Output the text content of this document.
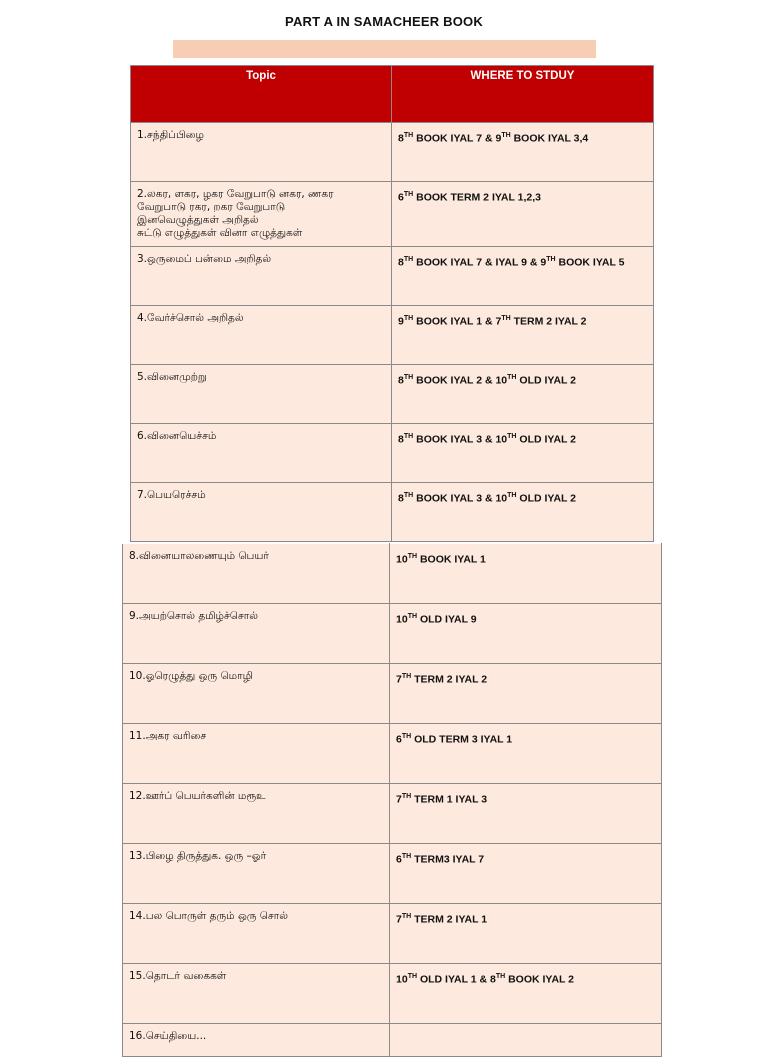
PART A IN SAMACHEER BOOK
Topic	WHERE TO STDUY

1.சந்திப்பிழை	8TH BOOK IYAL 7 & 9TH BOOK IYAL 3,4

2.லகர, ளகர, ழகர வேறுபாடு னகர, ணகர
வேறுபாடு ரகர, றகர வேறுபாடு
இனவெழுத்துகள் அறிதல்
சுட்டு எழுத்துகள் வினா எழுத்துகள்	6TH BOOK TERM 2 IYAL 1,2,3

3.ஒருமைப் பன்மை அறிதல்	8TH BOOK IYAL 7 & IYAL 9 & 9TH BOOK IYAL 5

4.வேர்ச்சொல் அறிதல்	9TH BOOK IYAL 1 & 7TH TERM 2 IYAL 2

5.வினைமுற்று	8TH BOOK IYAL 2 & 10TH OLD IYAL 2

6.வினையெச்சம்	8TH BOOK IYAL 3 & 10TH OLD IYAL 2

7.பெயரெச்சம்	8TH BOOK IYAL 3 & 10TH OLD IYAL 2
8.வினையாலணையும் பெயர்	10TH BOOK IYAL 1

9.அயற்சொல் தமிழ்ச்சொல்	10TH OLD IYAL 9

10.ஓரெழுத்து ஒரு மொழி	7TH TERM 2 IYAL 2

11.அகர வரிசை	6TH OLD TERM 3 IYAL 1

12.ஊர்ப் பெயர்களின் மரூஉ	7TH TERM 1 IYAL 3

13.பிழை திருத்துக. ஒரு –ஓர்	6TH TERM3 IYAL 7

14.பல பொருள் தரும் ஒரு சொல்	7TH TERM 2 IYAL 1

15.தொடர் வகைகள்	10TH OLD IYAL 1 & 8TH BOOK IYAL 2

16.செய்தியை...	
